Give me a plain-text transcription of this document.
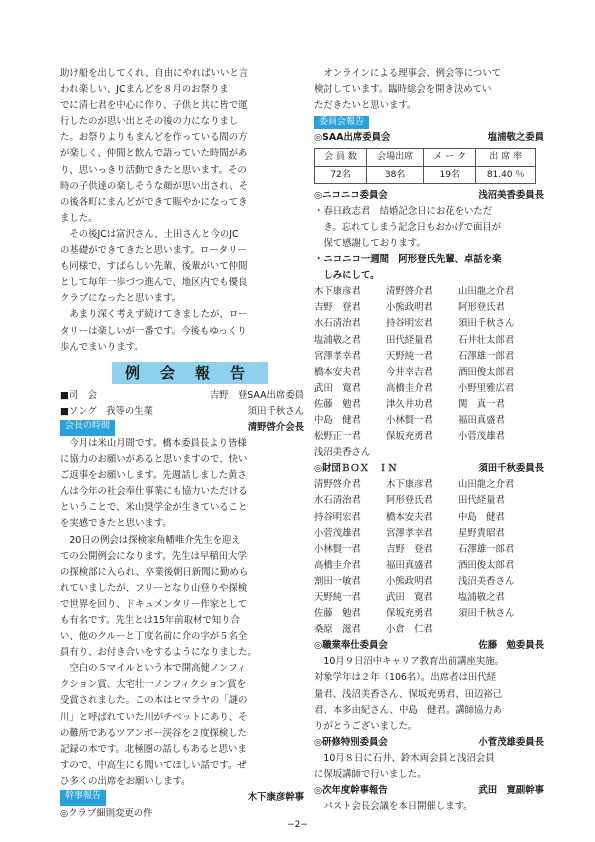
助け船を出してくれ、自由にやればいいと言

われ楽しい、JCまんどを８月のお祭りま

でに清七君を中心に作り、子供と共に皆で運

行したのが思い出とその後の力になりまし

た。お祭りよりもまんどを作っている間の方

が楽しく、仲間と飲んで語っていた時間があ

り、思いっきり活動できたと思います。その

時の子供達の楽しそうな顔が思い出され、そ

の後各町にまんどができて賑やかになってき

ました。

　その後JCは富沢さん、土田さんと今のJC

の基礎ができてきたと思います。ロータリー

も同様で、すばらしい先輩、後輩がいて仲間

として毎年一歩づつ進んで、地区内でも優良

クラブになったと思います。

　あまり深く考えず続けてきましたが、ロー

タリーは楽しいが一番です。今後もゆっくり

歩んでまいります。

例会報告
■司　会	吉野　登SAA出席委員
■ソング　我等の生業	須田千秋さん
会長の時間	清野啓介会長

　今月は米山月間です。橋本委員長より皆様

に協力のお願いがあると思いますので、快い

ご返事をお願いします。先週話しました黄さ

んは今年の社会奉仕事業にも協力いただける

ということで、米山奨学金が生きていること

を実感できたと思います。

　20日の例会は探検家角幡唯介先生を迎え

ての公開例会になります。先生は早稲田大学

の探検部に入られ、卒業後朝日新聞に勤めら

れていましたが、フリーとなり山登りや探検

で世界を回り、ドキュメンタリー作家として

も有名です。先生とは15年前取材で知り合

い、他のクルーと丁度名前に介の字が５名全

員有り、お付き合いをするようになりました。

　空白の５マイルという本で開高健ノンフィ

クション賞、大宅壮一ノンフィクション賞を

受賞されました。この本はヒマラヤの「謎の

川」と呼ばれていた川がチベットにあり、そ

の難所であるツアンポー渓谷を２度探検した

記録の本です。北極圏の話しもあると思いま

すので、中高生にも聞いてほしい話です。ぜ

ひ多くの出席をお願いします。

幹事報告	木下康彦幹事

◎クラブ細則変更の件

　オンラインによる理事会、例会等について

検討しています。臨時総会を開き決めてい

ただきたいと思います。

委員会報告
◎SAA出席委員会	塩浦敬之委員
会 員 数	会場出席	メ ー ク	出 席 率
72名	38名	19名	81.40 ％
◎ニコニコ委員会	浅沼美香委員長

・春日政志君　結婚記念日にお花をいただ

　き。忘れてしまう記念日もおかげで面目が

　保て感謝しております。

・ニコニコ一週間　阿形登氏先輩、卓話を楽

　しみにして。

木下康彦君	清野啓介君	山田龍之介君
吉野　登君	小熊政明君	阿形登氏君
水石清治君	持谷明宏君	須田千秋さん
塩浦敬之君	田代経量君	石井壮太郎君
宮澤孝幸君	天野純一君	石澤雄一郎君
橋本安夫君	今井幸吉君	酒田俊太郎君
武田　寛君	高橋圭介君	小野里雅広君
佐藤　勉君	津久井功君	関　真一君
中島　健君	小林賢一君	福田真盛君
松野正一君	保坂充勇君	小菅茂雄君
浅沼美香さん
◎財団ＢＯＸ　ＩＮ	須田千秋委員長
清野啓介君	木下康彦君	山田龍之介君
水石清治君	阿形登氏君	田代経量君
持谷明宏君	橋本安夫君	中島　健君
小菅茂雄君	宮澤孝幸君	星野貴昭君
小林賢一君	吉野　登君	石澤雄一郎君
高橋圭介君	福田真盛君	酒田俊太郎君
割田一敏君	小熊政明君	浅沼美香さん
天野純一君	武田　寛君	塩浦敬之君
佐藤　勉君	保坂充勇君	須田千秋さん
桑原　滋君	小倉　仁君
◎職業奉仕委員会	佐藤　勉委員長

　10月９日沼中キャリア教育出前講座実施。

対象学年は２年（106名）。出席者は田代経

量君、浅沼美香さん、保坂充勇君、田辺裕己

君、本多由紀さん、中島　健君。講師協力あ

りがとうございました。

◎研修特別委員会	小菅茂雄委員長

　10月８日に石井、鈴木両会員と浅沼会員

に保坂講師で行いました。

◎次年度幹事報告	武田　寛副幹事

　パスト会長会議を本日開催します。

−2−
